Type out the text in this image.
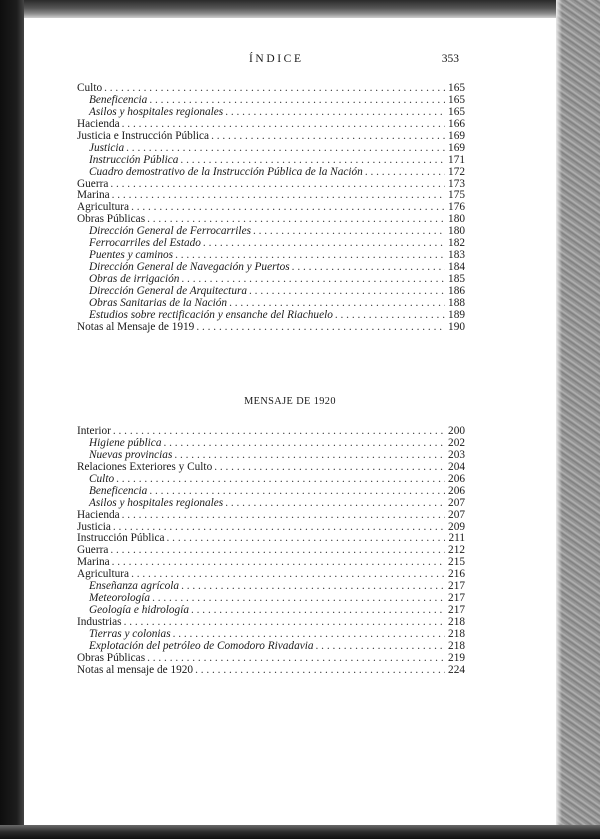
ÍNDICE	353
Culto . . .	165
Beneficencia . . .	165
Asilos y hospitales regionales . . .	165
Hacienda . . .	166
Justicia e Instrucción Pública . . .	169
Justicia . . .	169
Instrucción Pública . . .	171
Cuadro demostrativo de la Instrucción Pública de la Nación . . .	172
Guerra . . .	173
Marina . . .	175
Agricultura . . .	176
Obras Públicas . . .	180
Dirección General de Ferrocarriles . . .	180
Ferrocarriles del Estado . . .	182
Puentes y caminos . . .	183
Dirección General de Navegación y Puertos . . .	184
Obras de irrigación . . .	185
Dirección General de Arquitectura . . .	186
Obras Sanitarias de la Nación . . .	188
Estudios sobre rectificación y ensanche del Riachuelo . . .	189
Notas al Mensaje de 1919 . . .	190
MENSAJE DE 1920
Interior . . .	200
Higiene pública . . .	202
Nuevas provincias . . .	203
Relaciones Exteriores y Culto . . .	204
Culto . . .	206
Beneficencia . . .	206
Asilos y hospitales regionales . . .	207
Hacienda . . .	207
Justicia . . .	209
Instrucción Pública . . .	211
Guerra . . .	212
Marina . . .	215
Agricultura . . .	216
Enseñanza agrícola . . .	217
Meteorología . . .	217
Geología e hidrología . . .	217
Industrias . . .	218
Tierras y colonias . . .	218
Explotación del petróleo de Comodoro Rivadavia . . .	218
Obras Públicas . . .	219
Notas al mensaje de 1920 . . .	224
